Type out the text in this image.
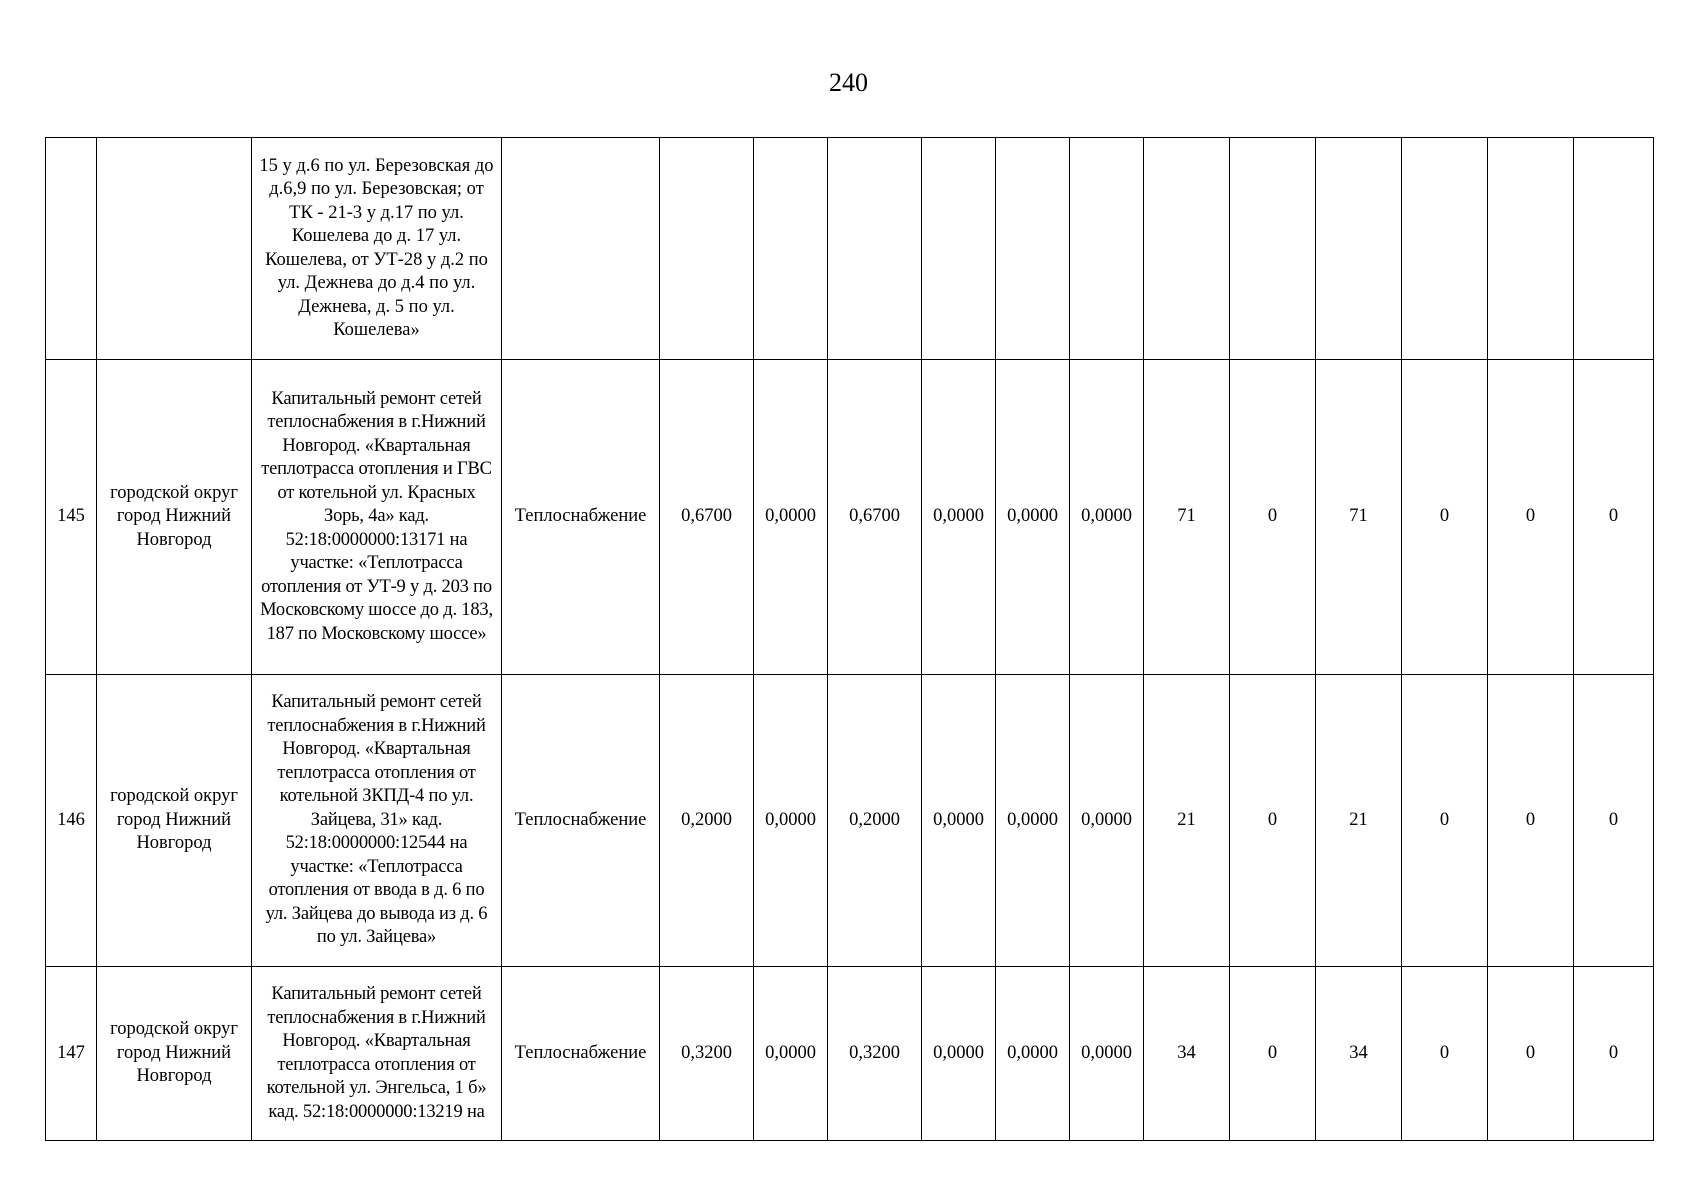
240
		15 у д.6 по ул. Березовская до д.6,9 по ул. Березовская; от ТК - 21-3 у д.17 по ул. Кошелева до д. 17 ул. Кошелева, от УТ-28 у д.2 по ул. Дежнева до д.4 по ул. Дежнева, д. 5 по ул. Кошелева»													
145	городской округ город Нижний Новгород	Капитальный ремонт сетей теплоснабжения в г.Нижний Новгород. «Квартальная теплотрасса отопления и ГВС от котельной ул. Красных Зорь, 4а» кад. 52:18:0000000:13171 на участке: «Теплотрасса отопления от УТ-9 у д. 203 по Московскому шоссе до д. 183, 187 по Московскому шоссе»	Теплоснабжение	0,6700	0,0000	0,6700	0,0000	0,0000	0,0000	71	0	71	0	0	0
146	городской округ город Нижний Новгород	Капитальный ремонт сетей теплоснабжения в г.Нижний Новгород. «Квартальная теплотрасса отопления от котельной ЗКПД-4 по ул. Зайцева, 31» кад. 52:18:0000000:12544 на участке: «Теплотрасса отопления от ввода в д. 6 по ул. Зайцева до вывода из д. 6 по ул. Зайцева»	Теплоснабжение	0,2000	0,0000	0,2000	0,0000	0,0000	0,0000	21	0	21	0	0	0
147	городской округ город Нижний Новгород	Капитальный ремонт сетей теплоснабжения в г.Нижний Новгород. «Квартальная теплотрасса отопления от котельной ул. Энгельса, 1 б» кад. 52:18:0000000:13219 на	Теплоснабжение	0,3200	0,0000	0,3200	0,0000	0,0000	0,0000	34	0	34	0	0	0
